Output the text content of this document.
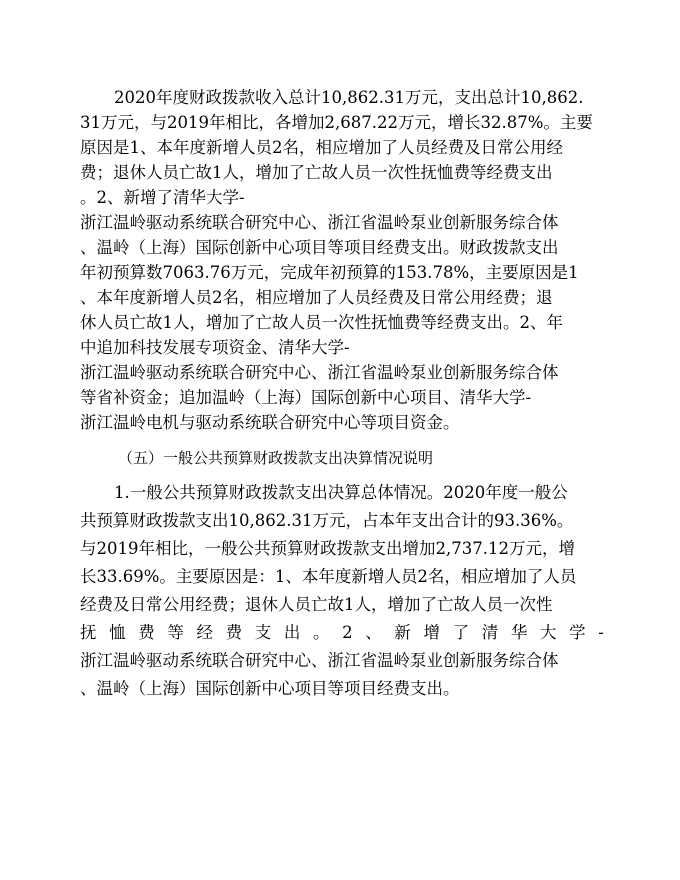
2020年度财政拨款收入总计10,862.31万元，支出总计10,862.

31万元，与2019年相比，各增加2,687.22万元，增长32.87%。主要

原因是1、本年度新增人员2名，相应增加了人员经费及日常公用经

费；退休人员亡故1人，增加了亡故人员一次性抚恤费等经费支出

。2、新增了清华大学-

浙江温岭驱动系统联合研究中心、浙江省温岭泵业创新服务综合体

、温岭（上海）国际创新中心项目等项目经费支出。财政拨款支出

年初预算数7063.76万元，完成年初预算的153.78%，主要原因是1

、本年度新增人员2名，相应增加了人员经费及日常公用经费；退

休人员亡故1人，增加了亡故人员一次性抚恤费等经费支出。2、年

中追加科技发展专项资金、清华大学-

浙江温岭驱动系统联合研究中心、浙江省温岭泵业创新服务综合体

等省补资金；追加温岭（上海）国际创新中心项目、清华大学-

浙江温岭电机与驱动系统联合研究中心等项目资金。

（五）一般公共预算财政拨款支出决算情况说明

1.一般公共预算财政拨款支出决算总体情况。2020年度一般公

共预算财政拨款支出10,862.31万元，占本年支出合计的93.36%。

与2019年相比，一般公共预算财政拨款支出增加2,737.12万元，增

长33.69%。主要原因是：1、本年度新增人员2名，相应增加了人员

经费及日常公用经费；退休人员亡故1人，增加了亡故人员一次性

抚 恤 费 等 经 费 支 出 。 2 、 新 增 了 清 华 大 学 -

浙江温岭驱动系统联合研究中心、浙江省温岭泵业创新服务综合体

、温岭（上海）国际创新中心项目等项目经费支出。
